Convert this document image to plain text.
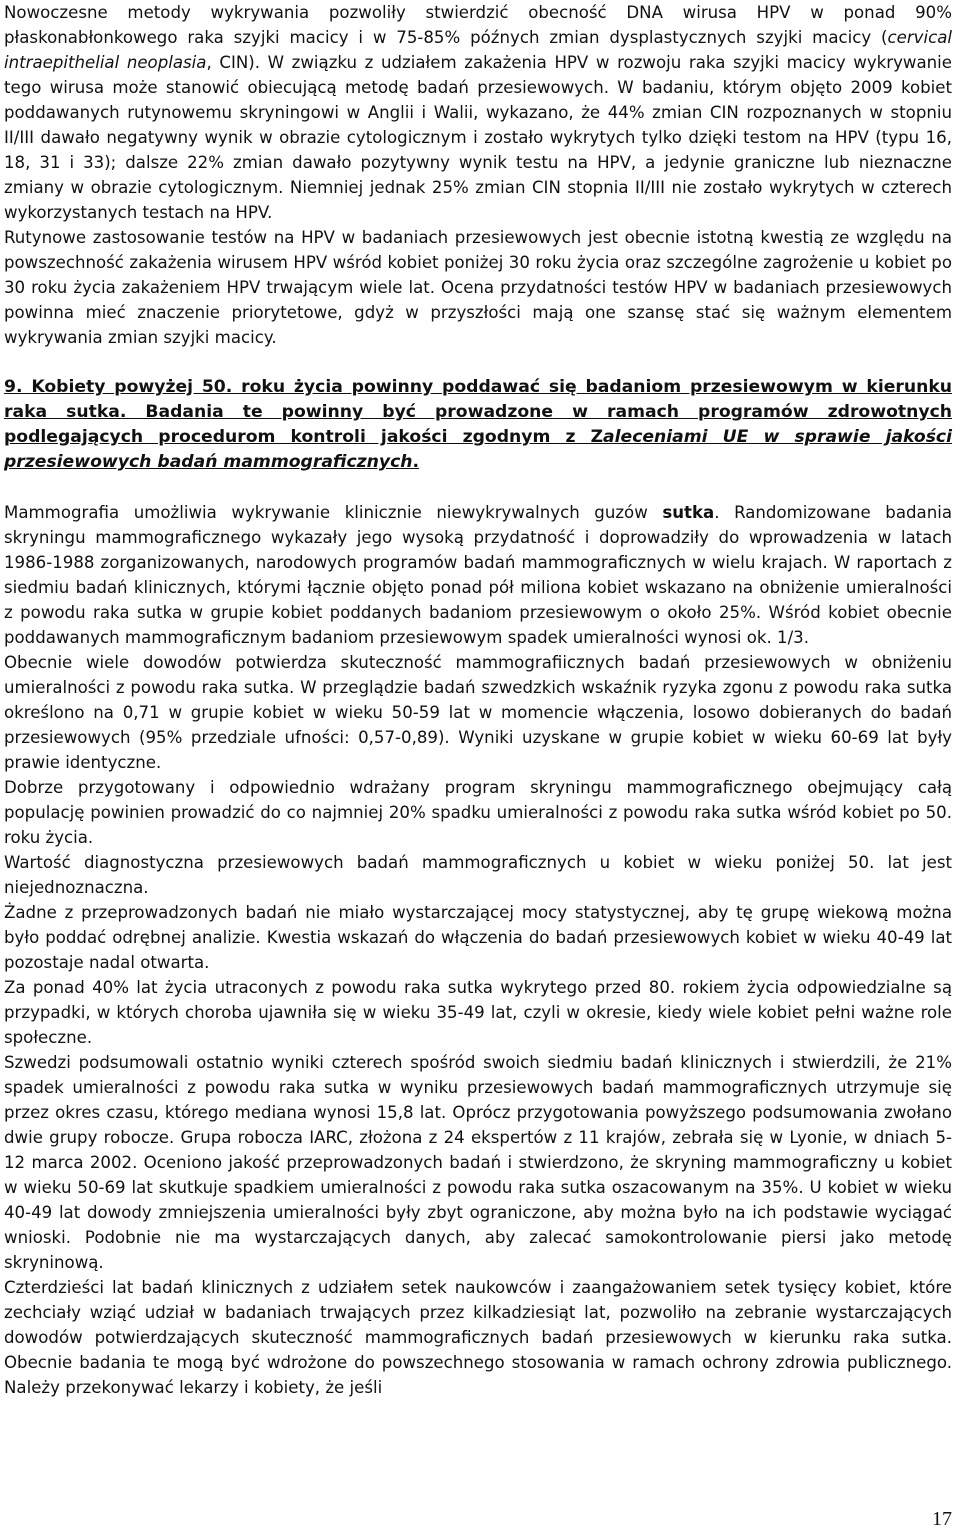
Nowoczesne metody wykrywania pozwoliły stwierdzić obecność DNA wirusa HPV w ponad 90% płaskonabłonkowego raka szyjki macicy i w 75-85% późnych zmian dysplastycznych szyjki macicy (cervical intraepithelial neoplasia, CIN). W związku z udziałem zakażenia HPV w rozwoju raka szyjki macicy wykrywanie tego wirusa może stanowić obiecującą metodę badań przesiewowych. W badaniu, którym objęto 2009 kobiet poddawanych rutynowemu skryningowi w Anglii i Walii, wykazano, że 44% zmian CIN rozpoznanych w stopniu II/III dawało negatywny wynik w obrazie cytologicznym i zostało wykrytych tylko dzięki testom na HPV (typu 16, 18, 31 i 33); dalsze 22% zmian dawało pozytywny wynik testu na HPV, a jedynie graniczne lub nieznaczne zmiany w obrazie cytologicznym. Niemniej jednak 25% zmian CIN stopnia II/III nie zostało wykrytych w czterech wykorzystanych testach na HPV.

Rutynowe zastosowanie testów na HPV w badaniach przesiewowych jest obecnie istotną kwestią ze względu na powszechność zakażenia wirusem HPV wśród kobiet poniżej 30 roku życia oraz szczególne zagrożenie u kobiet po 30 roku życia zakażeniem HPV trwającym wiele lat. Ocena przydatności testów HPV w badaniach przesiewowych powinna mieć znaczenie priorytetowe, gdyż w przyszłości mają one szansę stać się ważnym elementem wykrywania zmian szyjki macicy.

9. Kobiety powyżej 50. roku życia powinny poddawać się badaniom przesiewowym w kierunku raka sutka. Badania te powinny być prowadzone w ramach programów zdrowotnych podlegających procedurom kontroli jakości zgodnym z Zaleceniami UE w sprawie jakości przesiewowych badań mammograficznych.

Mammografia umożliwia wykrywanie klinicznie niewykrywalnych guzów sutka. Randomizowane badania skryningu mammograficznego wykazały jego wysoką przydatność i doprowadziły do wprowadzenia w latach 1986-1988 zorganizowanych, narodowych programów badań mammograficznych w wielu krajach. W raportach z siedmiu badań klinicznych, którymi łącznie objęto ponad pół miliona kobiet wskazano na obniżenie umieralności z powodu raka sutka w grupie kobiet poddanych badaniom przesiewowym o około 25%. Wśród kobiet obecnie poddawanych mammograficznym badaniom przesiewowym spadek umieralności wynosi ok. 1/3.

Obecnie wiele dowodów potwierdza skuteczność mammografiicznych badań przesiewowych w obniżeniu umieralności z powodu raka sutka. W przeglądzie badań szwedzkich wskaźnik ryzyka zgonu z powodu raka sutka określono na 0,71 w grupie kobiet w wieku 50-59 lat w momencie włączenia, losowo dobieranych do badań przesiewowych (95% przedziale ufności: 0,57-0,89). Wyniki uzyskane w grupie kobiet w wieku 60-69 lat były prawie identyczne.

Dobrze przygotowany i odpowiednio wdrażany program skryningu mammograficznego obejmujący całą populację powinien prowadzić do co najmniej 20% spadku umieralności z powodu raka sutka wśród kobiet po 50. roku życia.

Wartość diagnostyczna przesiewowych badań mammograficznych u kobiet w wieku poniżej 50. lat jest niejednoznaczna.

Żadne z przeprowadzonych badań nie miało wystarczającej mocy statystycznej, aby tę grupę wiekową można było poddać odrębnej analizie. Kwestia wskazań do włączenia do badań przesiewowych kobiet w wieku 40-49 lat pozostaje nadal otwarta.

Za ponad 40% lat życia utraconych z powodu raka sutka wykrytego przed 80. rokiem życia odpowiedzialne są przypadki, w których choroba ujawniła się w wieku 35-49 lat, czyli w okresie, kiedy wiele kobiet pełni ważne role społeczne.

Szwedzi podsumowali ostatnio wyniki czterech spośród swoich siedmiu badań klinicznych i stwierdzili, że 21% spadek umieralności z powodu raka sutka w wyniku przesiewowych badań mammograficznych utrzymuje się przez okres czasu, którego mediana wynosi 15,8 lat. Oprócz przygotowania powyższego podsumowania zwołano dwie grupy robocze. Grupa robocza IARC, złożona z 24 ekspertów z 11 krajów, zebrała się w Lyonie, w dniach 5-12 marca 2002. Oceniono jakość przeprowadzonych badań i stwierdzono, że skryning mammograficzny u kobiet w wieku 50-69 lat skutkuje spadkiem umieralności z powodu raka sutka oszacowanym na 35%. U kobiet w wieku 40-49 lat dowody zmniejszenia umieralności były zbyt ograniczone, aby można było na ich podstawie wyciągać wnioski. Podobnie nie ma wystarczających danych, aby zalecać samokontrolowanie piersi jako metodę skryninową.

Czterdzieści lat badań klinicznych z udziałem setek naukowców i zaangażowaniem setek tysięcy kobiet, które zechciały wziąć udział w badaniach trwających przez kilkadziesiąt lat, pozwoliło na zebranie wystarczających dowodów potwierdzających skuteczność mammograficznych badań przesiewowych w kierunku raka sutka. Obecnie badania te mogą być wdrożone do powszechnego stosowania w ramach ochrony zdrowia publicznego. Należy przekonywać lekarzy i kobiety, że jeśli

17
